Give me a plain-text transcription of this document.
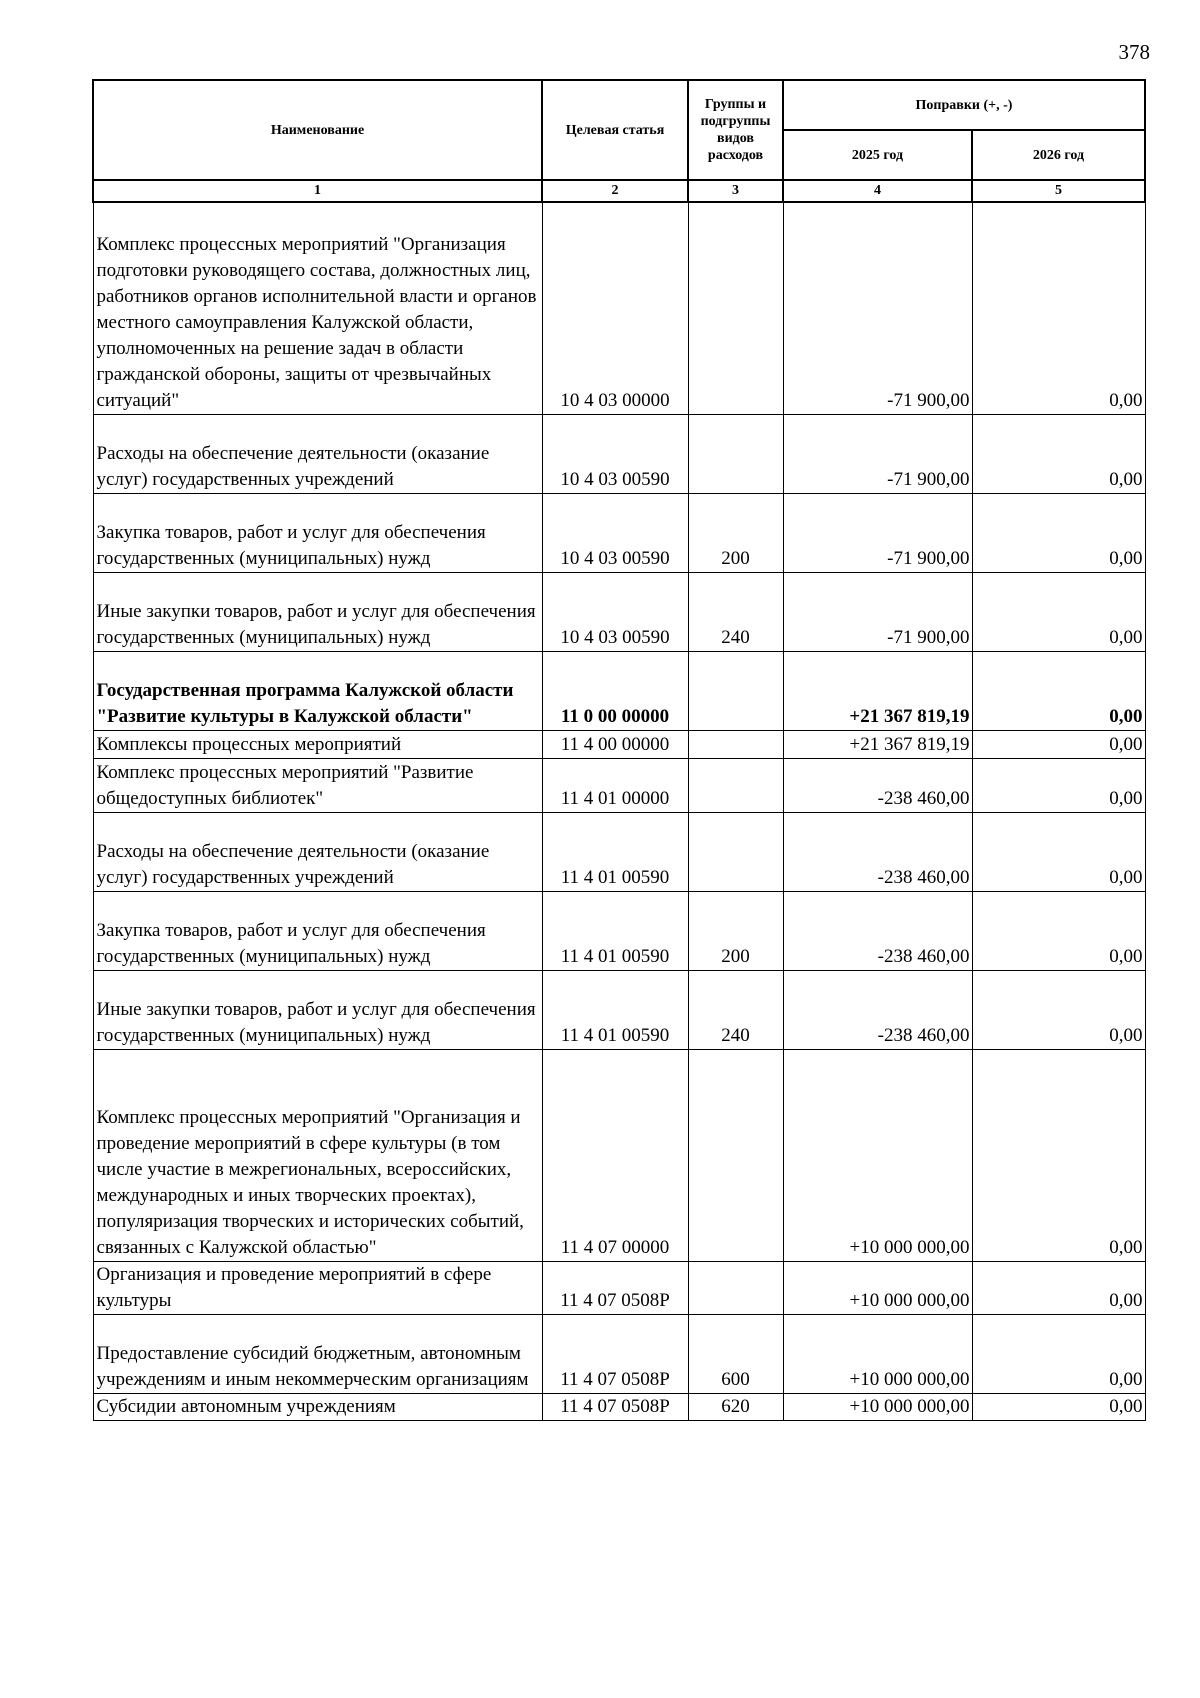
378
Наименование	Целевая статья	Группы и подгруппы видов расходов	Поправки (+, -)	
			2025 год	2026 год
1	2	3	4	5
Комплекс процессных мероприятий "Организация подготовки руководящего состава, должностных лиц, работников органов исполнительной власти и органов местного самоуправления Калужской области, уполномоченных на решение задач в области гражданской обороны, защиты от чрезвычайных ситуаций"	10 4 03 00000		-71 900,00	0,00
Расходы на обеспечение деятельности (оказание услуг) государственных учреждений	10 4 03 00590		-71 900,00	0,00
Закупка товаров, работ и услуг для обеспечения государственных (муниципальных) нужд	10 4 03 00590	200	-71 900,00	0,00
Иные закупки товаров, работ и услуг для обеспечения государственных (муниципальных) нужд	10 4 03 00590	240	-71 900,00	0,00
Государственная программа Калужской области "Развитие культуры в Калужской области"	11 0 00 00000		+21 367 819,19	0,00
Комплексы процессных мероприятий	11 4 00 00000		+21 367 819,19	0,00
Комплекс процессных мероприятий "Развитие общедоступных библиотек"	11 4 01 00000		-238 460,00	0,00
Расходы на обеспечение деятельности (оказание услуг) государственных учреждений	11 4 01 00590		-238 460,00	0,00
Закупка товаров, работ и услуг для обеспечения государственных (муниципальных) нужд	11 4 01 00590	200	-238 460,00	0,00
Иные закупки товаров, работ и услуг для обеспечения государственных (муниципальных) нужд	11 4 01 00590	240	-238 460,00	0,00
Комплекс процессных мероприятий "Организация и проведение мероприятий в сфере культуры (в том числе участие в межрегиональных, всероссийских, международных и иных творческих проектах), популяризация творческих и исторических событий, связанных с Калужской областью"	11 4 07 00000		+10 000 000,00	0,00
Организация и проведение мероприятий в сфере культуры	11 4 07 0508P		+10 000 000,00	0,00
Предоставление субсидий бюджетным, автономным учреждениям и иным некоммерческим организациям	11 4 07 0508P	600	+10 000 000,00	0,00
Субсидии автономным учреждениям	11 4 07 0508P	620	+10 000 000,00	0,00
